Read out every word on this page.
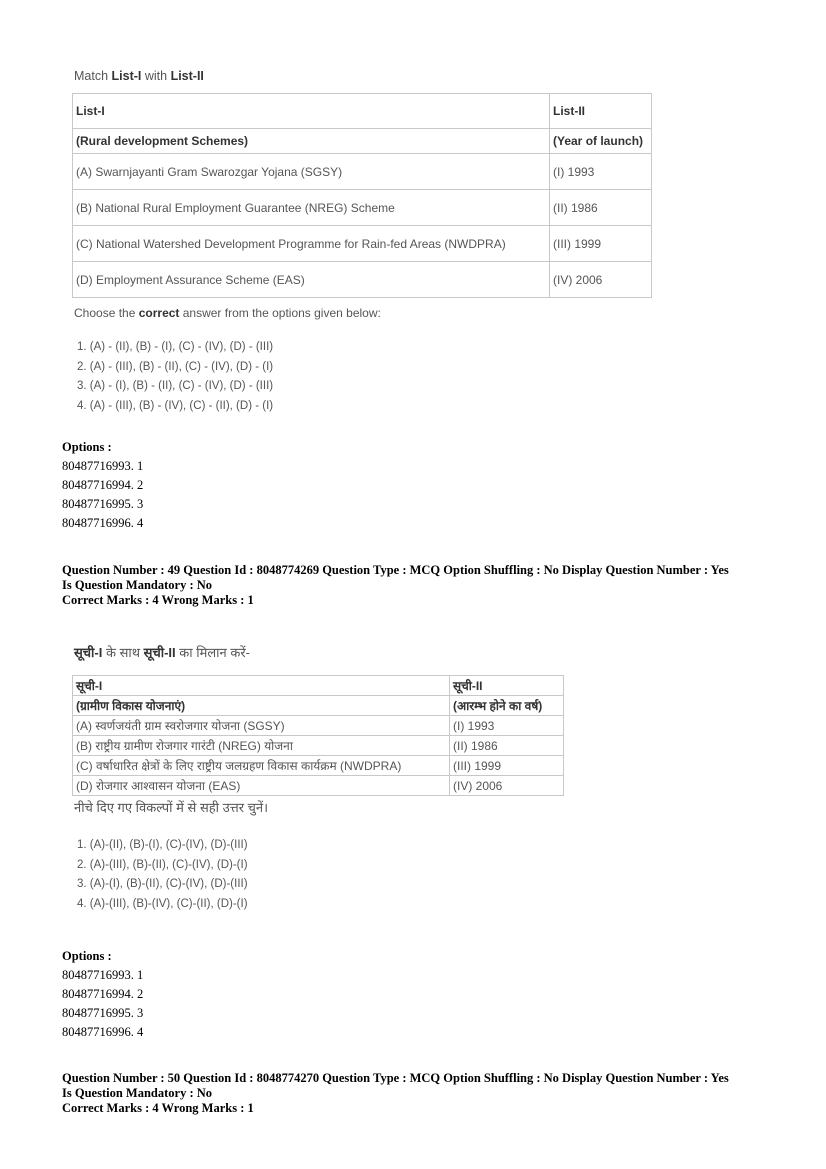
Match List-I with List-II
List-I	List-II
(Rural development Schemes)	(Year of launch)
(A) Swarnjayanti Gram Swarozgar Yojana (SGSY)	(I) 1993
(B) National Rural Employment Guarantee (NREG) Scheme	(II) 1986
(C) National Watershed Development Programme for Rain-fed Areas (NWDPRA)	(III) 1999
(D) Employment Assurance Scheme (EAS)	(IV) 2006
Choose the correct answer from the options given below:
1. (A) - (II), (B) - (I), (C) - (IV), (D) - (III)
2. (A) - (III), (B) - (II), (C) - (IV), (D) - (I)
3. (A) - (I), (B) - (II), (C) - (IV), (D) - (III)
4. (A) - (III), (B) - (IV), (C) - (II), (D) - (I)
Options :
80487716993. 1
80487716994. 2
80487716995. 3
80487716996. 4
Question Number : 49 Question Id : 8048774269 Question Type : MCQ Option Shuffling : No Display Question Number : Yes
Is Question Mandatory : No
Correct Marks : 4 Wrong Marks : 1
सूची-I के साथ सूची-II का मिलान करें-
सूची-I	सूची-II
(ग्रामीण विकास योजनाएं)	(आरम्भ होने का वर्ष)
(A) स्वर्णजयंती ग्राम स्वरोजगार योजना (SGSY)	(I) 1993
(B) राष्ट्रीय ग्रामीण रोजगार गारंटी (NREG) योजना	(II) 1986
(C) वर्षाधारित क्षेत्रों के लिए राष्ट्रीय जलग्रहण विकास कार्यक्रम (NWDPRA)	(III) 1999
(D) रोजगार आश्वासन योजना (EAS)	(IV) 2006
नीचे दिए गए विकल्पों में से सही उत्तर चुनें।
1. (A)-(II), (B)-(I), (C)-(IV), (D)-(III)
2. (A)-(III), (B)-(II), (C)-(IV), (D)-(I)
3. (A)-(I), (B)-(II), (C)-(IV), (D)-(III)
4. (A)-(III), (B)-(IV), (C)-(II), (D)-(I)
Options :
80487716993. 1
80487716994. 2
80487716995. 3
80487716996. 4
Question Number : 50 Question Id : 8048774270 Question Type : MCQ Option Shuffling : No Display Question Number : Yes
Is Question Mandatory : No
Correct Marks : 4 Wrong Marks : 1
